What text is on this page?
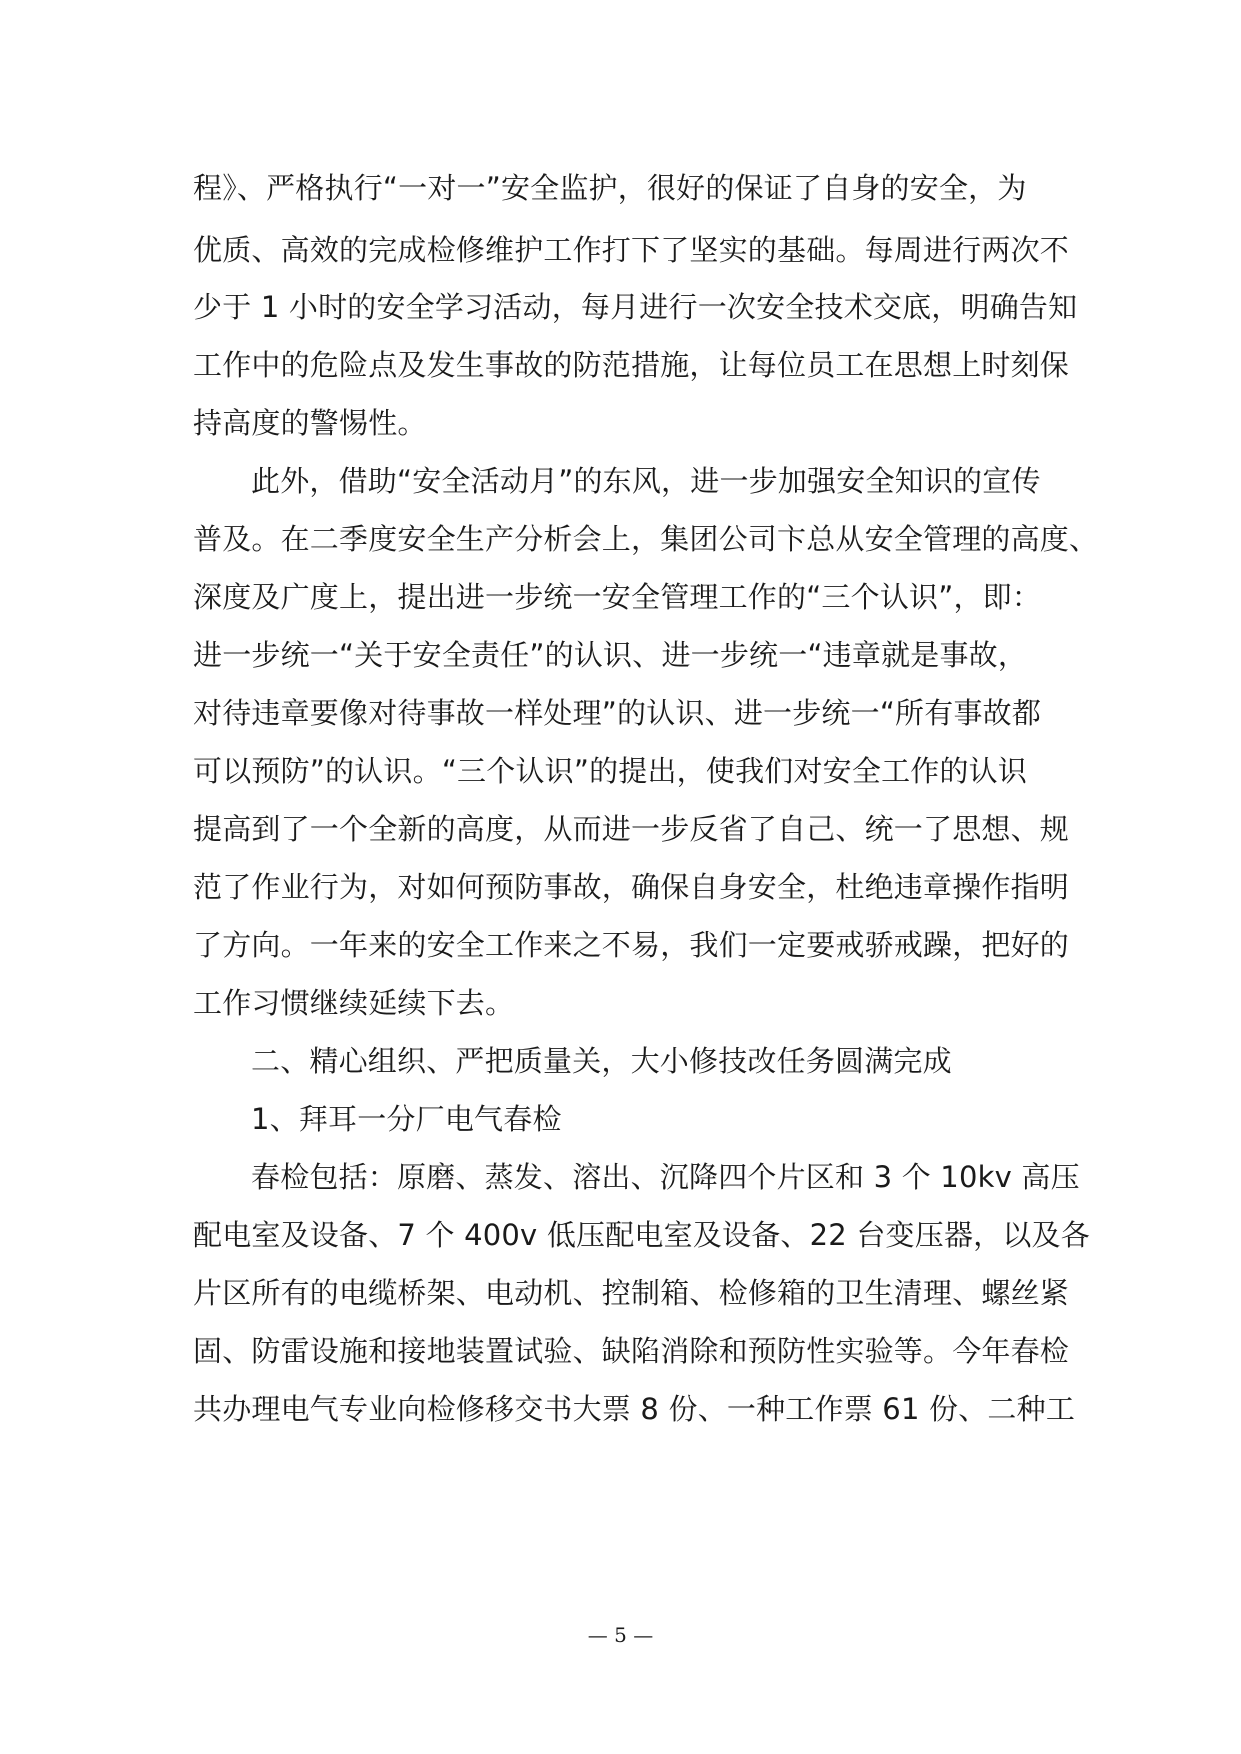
程》、严格执行“一对一”安全监护，很好的保证了自身的安全，为
优质、高效的完成检修维护工作打下了坚实的基础。每周进行两次不
少于 1 小时的安全学习活动，每月进行一次安全技术交底，明确告知
工作中的危险点及发生事故的防范措施，让每位员工在思想上时刻保
持高度的警惕性。
此外，借助“安全活动月”的东风，进一步加强安全知识的宣传
普及。在二季度安全生产分析会上，集团公司卞总从安全管理的高度、
深度及广度上，提出进一步统一安全管理工作的“三个认识”，即：
进一步统一“关于安全责任”的认识、进一步统一“违章就是事故，
对待违章要像对待事故一样处理”的认识、进一步统一“所有事故都
可以预防”的认识。“三个认识”的提出，使我们对安全工作的认识
提高到了一个全新的高度，从而进一步反省了自己、统一了思想、规
范了作业行为，对如何预防事故，确保自身安全，杜绝违章操作指明
了方向。一年来的安全工作来之不易，我们一定要戒骄戒躁，把好的
工作习惯继续延续下去。
二、精心组织、严把质量关，大小修技改任务圆满完成
1、拜耳一分厂电气春检
春检包括：原磨、蒸发、溶出、沉降四个片区和 3 个 10kv 高压
配电室及设备、7 个 400v 低压配电室及设备、22 台变压器，以及各
片区所有的电缆桥架、电动机、控制箱、检修箱的卫生清理、螺丝紧
固、防雷设施和接地装置试验、缺陷消除和预防性实验等。今年春检
共办理电气专业向检修移交书大票 8 份、一种工作票 61 份、二种工
— 5 —
